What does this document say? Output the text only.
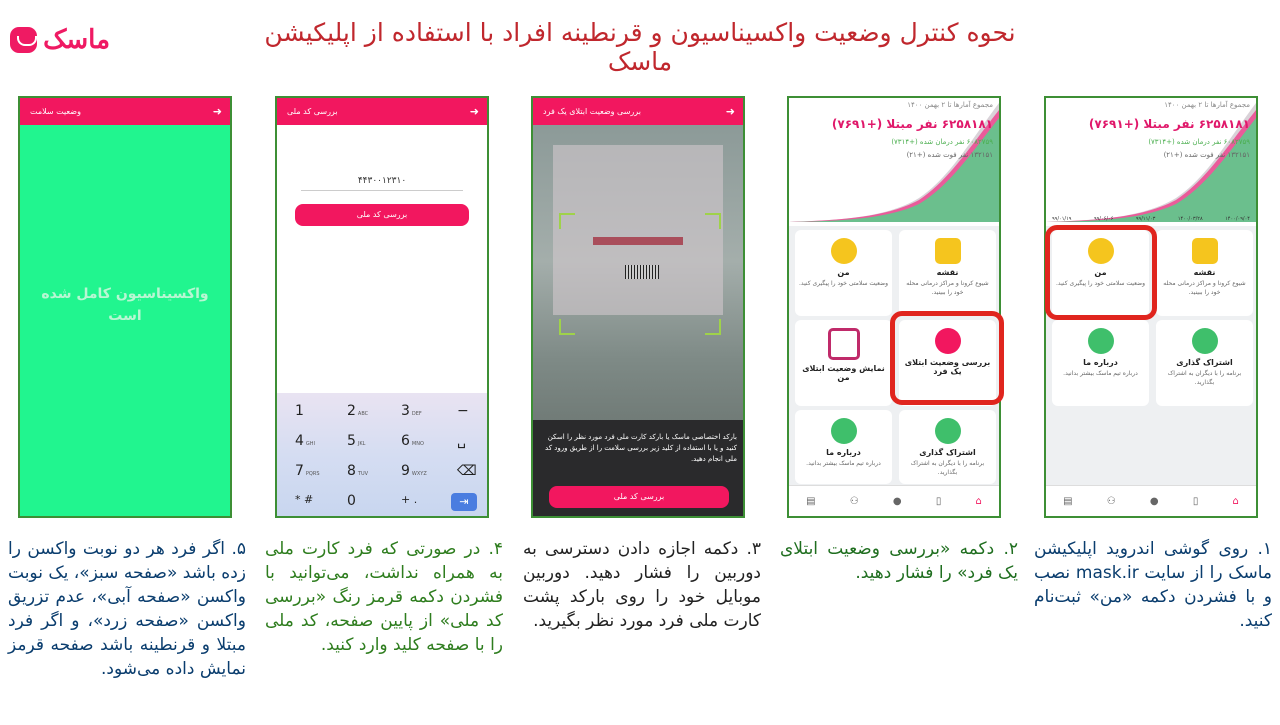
ماسک	نحوه کنترل وضعیت واکسیناسیون و قرنطینه افراد با استفاده از اپلیکیشن ماسک
مجموع آمارها تا ۲ بهمن ۱۴۰۰
۶۲۵۸۱۸۱ نفر مبتلا (+۷۶۹۱)
۶۰۸۲۷۵۹ نفر درمان شده (+۷۳۱۴)
۱۳۲۱۵۱ نفر فوت شده (+۲۱)
۹۹/۰۱/۱۹	۹۹/۰۶/۰۶	۹۹/۱۱/۰۳	۱۴۰۰/۰۳/۲۸	۱۴۰۰/۰۹/۰۴
نقشه
شیوع کرونا و مراکز درمانی محله خود را ببینید.
من
وضعیت سلامتی خود را پیگیری کنید.
اشتراک گذاری
برنامه را با دیگران به اشتراک بگذارید.
درباره ما
درباره تیم ماسک بیشتر بدانید.
▤	⚇	●	▯	⌂
مجموع آمارها تا ۲ بهمن ۱۴۰۰
۶۲۵۸۱۸۱ نفر مبتلا (+۷۶۹۱)
۶۰۸۲۷۵۹ نفر درمان شده (+۷۳۱۴)
۱۳۲۱۵۱ نفر فوت شده (+۲۱)
نقشه
شیوع کرونا و مراکز درمانی محله خود را ببینید.
من
وضعیت سلامتی خود را پیگیری کنید.
بررسی وضعیت ابتلای یک فرد
نمایش وضعیت ابتلای من
اشتراک گذاری
برنامه را با دیگران به اشتراک بگذارید.
درباره ما
درباره تیم ماسک بیشتر بدانید.
▤	⚇	●	▯	⌂
بررسی وضعیت ابتلای یک فرد	➜
بارکد اختصاصی ماسک یا بارکد کارت ملی فرد مورد نظر را اسکن کنید و یا با استفاده از کلید زیر بررسی سلامت را از طریق ورود کد ملی انجام دهید.
بررسی کد ملی
بررسی کد ملی	➜
۴۴۳۰۰۱۲۳۱۰
بررسی کد ملی
1	2 ABC 3 DEF	−
4 GHI 5 JKL	6 MNO ␣
7 PQRS 8 TUV 9 WXYZ ⌫
* # 0	+ .	⇥
وضعیت سلامت	➜
واکسیناسیون کامل شده است
۱. روی گوشی اندروید اپلیکیشن ماسک را از سایت mask.ir نصب و با فشردن دکمه «من» ثبت‌نام کنید.
۲. دکمه «بررسی وضعیت ابتلای یک فرد» را فشار دهید.
۳. دکمه اجازه دادن دسترسی به دوربین را فشار دهید. دوربین موبایل خود را روی بارکد پشت کارت ملی فرد مورد نظر بگیرید.
۴. در صورتی که فرد کارت ملی به همراه نداشت، می‌توانید با فشردن دکمه قرمز رنگ «بررسی کد ملی» از پایین صفحه، کد ملی را با صفحه کلید وارد کنید.
۵. اگر فرد هر دو نوبت واکسن را زده باشد «صفحه سبز»، یک نوبت واکسن «صفحه آبی»، عدم تزریق واکسن «صفحه زرد»، و اگر فرد مبتلا و قرنطینه باشد صفحه قرمز نمایش داده می‌شود.
